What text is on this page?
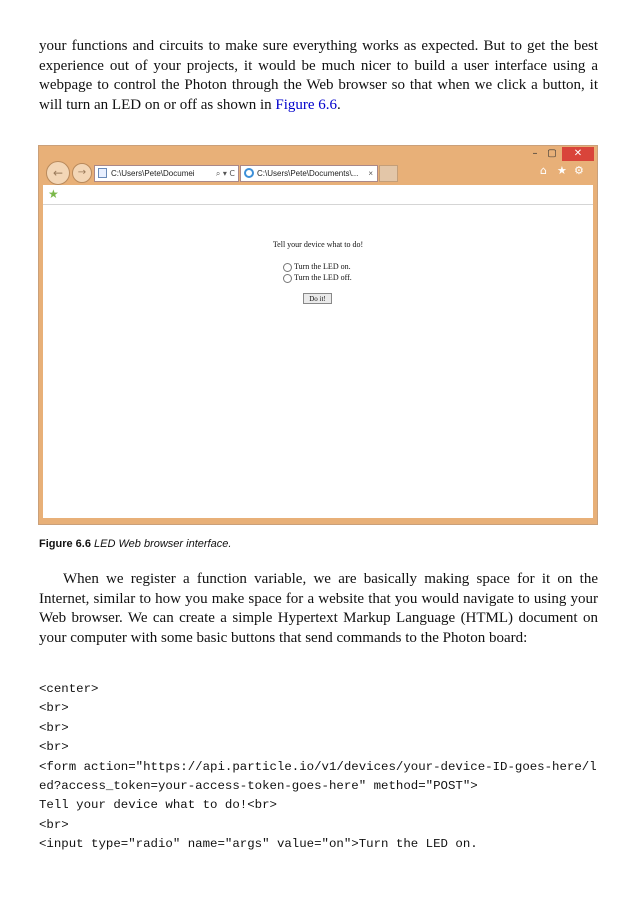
your functions and circuits to make sure everything works as expected. But to get the best experience out of your projects, it would be much nicer to build a user interface using a webpage to control the Photon through the Web browser so that when we click a button, it will turn an LED on or off as shown in Figure 6.6.

– ▢	✕
←	→	C:\Users\Pete\Documei	⌕ ▾ C	C:\Users\Pete\Documents\... ×	⌂ ★ ⚙
★
Tell your device what to do!
Turn the LED on.
Turn the LED off.
Do it!
Figure 6.6 LED Web browser interface.

When we register a function variable, we are basically making space for it on the Internet, similar to how you make space for a website that you would navigate to using your Web browser. We can create a simple Hypertext Markup Language (HTML) document on your computer with some basic buttons that send commands to the Photon board:

<center>
<br>
<br>
<br>
<form action="https://api.particle.io/v1/devices/your-device-ID-goes-here/l
ed?access_token=your-access-token-goes-here" method="POST">
Tell your device what to do!<br>
<br>
<input type="radio" name="args" value="on">Turn the LED on.
